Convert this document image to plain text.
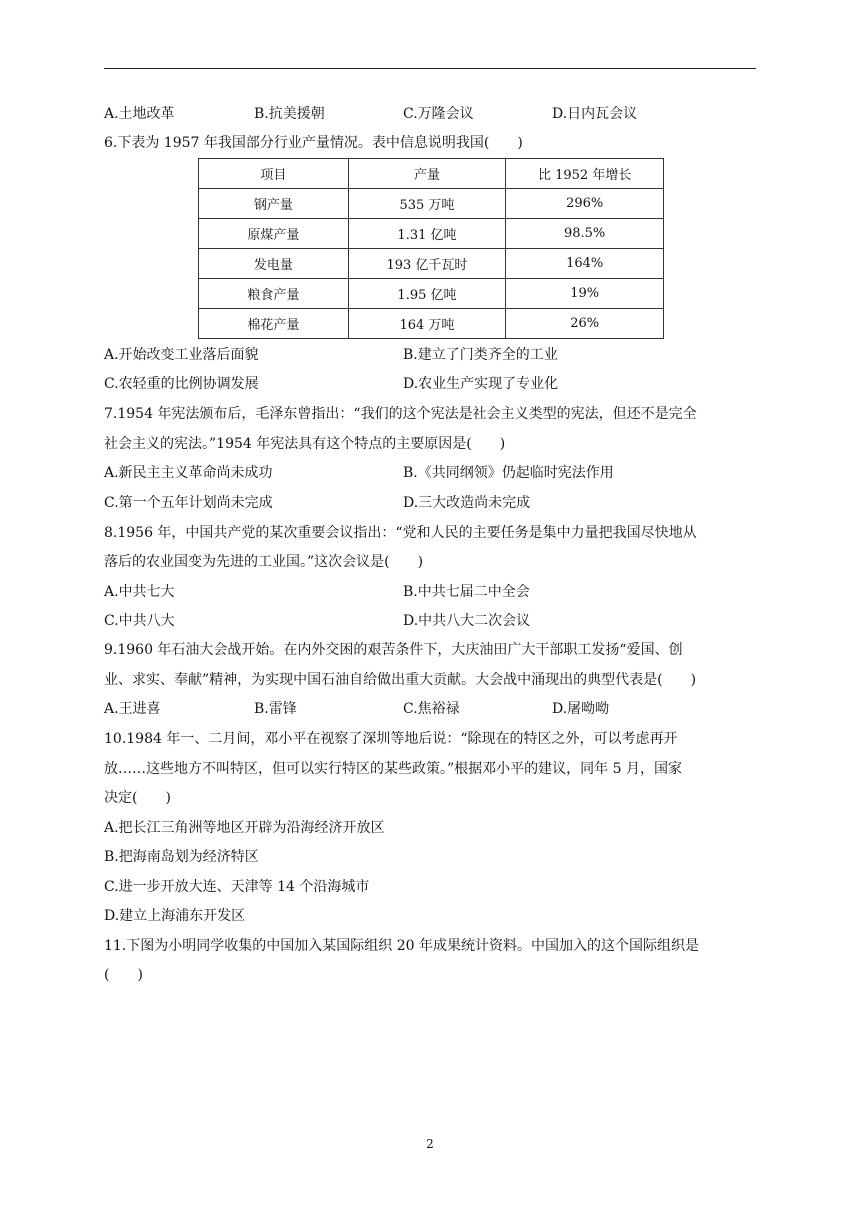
A.土地改革	B.抗美援朝	C.万隆会议	D.日内瓦会议
6.下表为 1957 年我国部分行业产量情况。表中信息说明我国(　　)
项目	产量	比 1952 年增长
钢产量	535 万吨	296%
原煤产量	1.31 亿吨	98.5%
发电量	193 亿千瓦时	164%
粮食产量	1.95 亿吨	19%
棉花产量	164 万吨	26%
A.开始改变工业落后面貌	B.建立了门类齐全的工业
C.农轻重的比例协调发展	D.农业生产实现了专业化
7.1954 年宪法颁布后，毛泽东曾指出：“我们的这个宪法是社会主义类型的宪法，但还不是完全
社会主义的宪法。”1954 年宪法具有这个特点的主要原因是(　　)
A.新民主主义革命尚未成功	B.《共同纲领》仍起临时宪法作用
C.第一个五年计划尚未完成	D.三大改造尚未完成
8.1956 年，中国共产党的某次重要会议指出：“党和人民的主要任务是集中力量把我国尽快地从
落后的农业国变为先进的工业国。”这次会议是(　　)
A.中共七大	B.中共七届二中全会
C.中共八大	D.中共八大二次会议
9.1960 年石油大会战开始。在内外交困的艰苦条件下，大庆油田广大干部职工发扬“爱国、创
业、求实、奉献”精神，为实现中国石油自给做出重大贡献。大会战中涌现出的典型代表是(　　)
A.王进喜	B.雷锋	C.焦裕禄	D.屠呦呦
10.1984 年一、二月间，邓小平在视察了深圳等地后说：“除现在的特区之外，可以考虑再开
放……这些地方不叫特区，但可以实行特区的某些政策。”根据邓小平的建议，同年 5 月，国家
决定(　　)
A.把长江三角洲等地区开辟为沿海经济开放区
B.把海南岛划为经济特区
C.进一步开放大连、天津等 14 个沿海城市
D.建立上海浦东开发区
11.下图为小明同学收集的中国加入某国际组织 20 年成果统计资料。中国加入的这个国际组织是
(　　)
2
